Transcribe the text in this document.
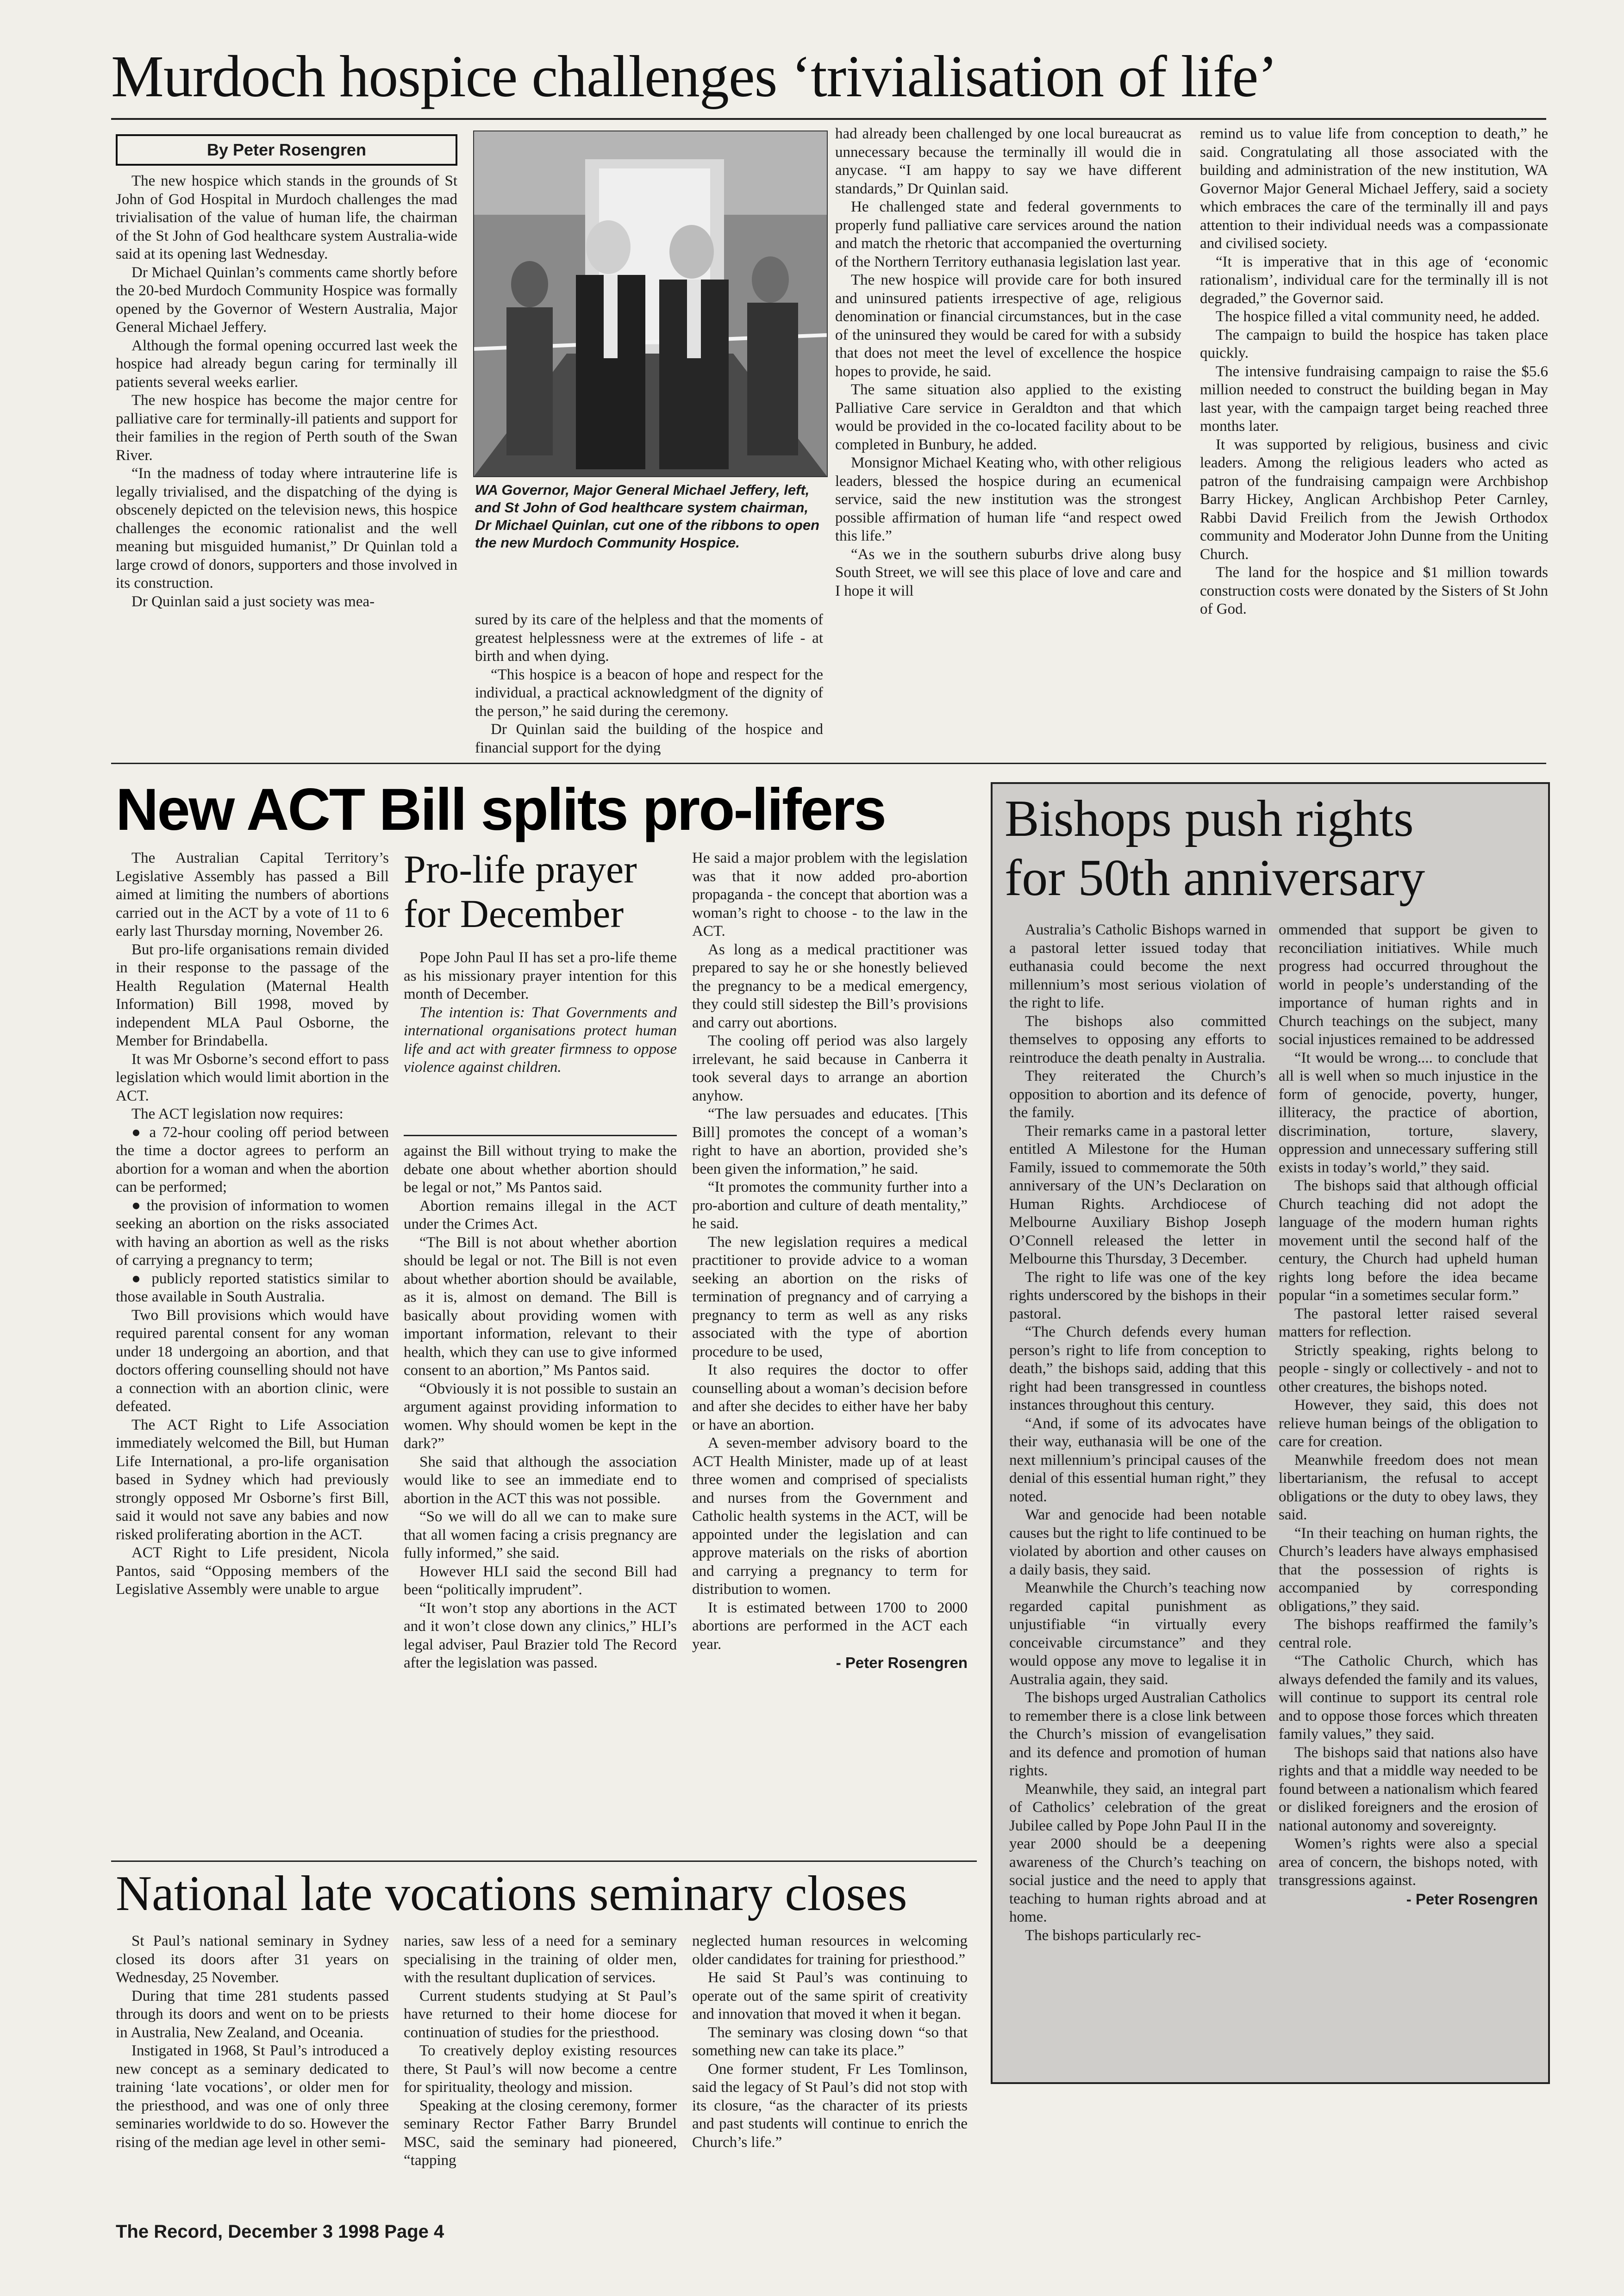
Murdoch hospice challenges ‘trivialisation of life’
By Peter Rosengren

The new hospice which stands in the grounds of St John of God Hospital in Murdoch challenges the mad trivialisation of the value of human life, the chairman of the St John of God healthcare system Australia-wide said at its opening last Wednesday.

Dr Michael Quinlan’s comments came shortly before the 20-bed Murdoch Community Hospice was formally opened by the Governor of Western Australia, Major General Michael Jeffery.

Although the formal opening occurred last week the hospice had already begun caring for terminally ill patients several weeks earlier.

The new hospice has become the major centre for palliative care for terminally-ill patients and support for their families in the region of Perth south of the Swan River.

“In the madness of today where intrauterine life is legally trivialised, and the dispatching of the dying is obscenely depicted on the television news, this hospice challenges the economic rationalist and the well meaning but misguided humanist,” Dr Quinlan told a large crowd of donors, supporters and those involved in its construction.

Dr Quinlan said a just society was mea-

WA Governor, Major General Michael Jeffery, left, and St John of God healthcare system chairman, Dr Michael Quinlan, cut one of the ribbons to open the new Murdoch Community Hospice.

sured by its care of the helpless and that the moments of greatest helplessness were at the extremes of life - at birth and when dying.

“This hospice is a beacon of hope and respect for the individual, a practical acknowledgment of the dignity of the person,” he said during the ceremony.

Dr Quinlan said the building of the hospice and financial support for the dying

had already been challenged by one local bureaucrat as unnecessary because the terminally ill would die in anycase. “I am happy to say we have different standards,” Dr Quinlan said.

He challenged state and federal governments to properly fund palliative care services around the nation and match the rhetoric that accompanied the overturning of the Northern Territory euthanasia legislation last year.

The new hospice will provide care for both insured and uninsured patients irrespective of age, religious denomination or financial circumstances, but in the case of the uninsured they would be cared for with a subsidy that does not meet the level of excellence the hospice hopes to provide, he said.

The same situation also applied to the existing Palliative Care service in Geraldton and that which would be provided in the co-located facility about to be completed in Bunbury, he added.

Monsignor Michael Keating who, with other religious leaders, blessed the hospice during an ecumenical service, said the new institution was the strongest possible affirmation of human life “and respect owed this life.”

“As we in the southern suburbs drive along busy South Street, we will see this place of love and care and I hope it will

remind us to value life from conception to death,” he said. Congratulating all those associated with the building and administration of the new institution, WA Governor Major General Michael Jeffery, said a society which embraces the care of the terminally ill and pays attention to their individual needs was a compassionate and civilised society.

“It is imperative that in this age of ‘economic rationalism’, individual care for the terminally ill is not degraded,” the Governor said.

The hospice filled a vital community need, he added.

The campaign to build the hospice has taken place quickly.

The intensive fundraising campaign to raise the $5.6 million needed to construct the building began in May last year, with the campaign target being reached three months later.

It was supported by religious, business and civic leaders. Among the religious leaders who acted as patron of the fundraising campaign were Archbishop Barry Hickey, Anglican Archbishop Peter Carnley, Rabbi David Freilich from the Jewish Orthodox community and Moderator John Dunne from the Uniting Church.

The land for the hospice and $1 million towards construction costs were donated by the Sisters of St John of God.

New ACT Bill splits pro-lifers

The Australian Capital Territory’s Legislative Assembly has passed a Bill aimed at limiting the numbers of abortions carried out in the ACT by a vote of 11 to 6 early last Thursday morning, November 26.

But pro-life organisations remain divided in their response to the passage of the Health Regulation (Maternal Health Information) Bill 1998, moved by independent MLA Paul Osborne, the Member for Brindabella.

It was Mr Osborne’s second effort to pass legislation which would limit abortion in the ACT.

The ACT legislation now requires:

● a 72-hour cooling off period between the time a doctor agrees to perform an abortion for a woman and when the abortion can be performed;

● the provision of information to women seeking an abortion on the risks associated with having an abortion as well as the risks of carrying a pregnancy to term;

● publicly reported statistics similar to those available in South Australia.

Two Bill provisions which would have required parental consent for any woman under 18 undergoing an abortion, and that doctors offering counselling should not have a connection with an abortion clinic, were defeated.

The ACT Right to Life Association immediately welcomed the Bill, but Human Life International, a pro-life organisation based in Sydney which had previously strongly opposed Mr Osborne’s first Bill, said it would not save any babies and now risked proliferating abortion in the ACT.

ACT Right to Life president, Nicola Pantos, said “Opposing members of the Legislative Assembly were unable to argue

Pro-life prayer for December

Pope John Paul II has set a pro-life theme as his missionary prayer intention for this month of December.

The intention is: That Governments and international organisations protect human life and act with greater firmness to oppose violence against children.

against the Bill without trying to make the debate one about whether abortion should be legal or not,” Ms Pantos said.

Abortion remains illegal in the ACT under the Crimes Act.

“The Bill is not about whether abortion should be legal or not. The Bill is not even about whether abortion should be available, as it is, almost on demand. The Bill is basically about providing women with important information, relevant to their health, which they can use to give informed consent to an abortion,” Ms Pantos said.

“Obviously it is not possible to sustain an argument against providing information to women. Why should women be kept in the dark?”

She said that although the association would like to see an immediate end to abortion in the ACT this was not possible.

“So we will do all we can to make sure that all women facing a crisis pregnancy are fully informed,” she said.

However HLI said the second Bill had been “politically imprudent”.

“It won’t stop any abortions in the ACT and it won’t close down any clinics,” HLI’s legal adviser, Paul Brazier told The Record after the legislation was passed.

He said a major problem with the legislation was that it now added pro-abortion propaganda - the concept that abortion was a woman’s right to choose - to the law in the ACT.

As long as a medical practitioner was prepared to say he or she honestly believed the pregnancy to be a medical emergency, they could still sidestep the Bill’s provisions and carry out abortions.

The cooling off period was also largely irrelevant, he said because in Canberra it took several days to arrange an abortion anyhow.

“The law persuades and educates. [This Bill] promotes the concept of a woman’s right to have an abortion, provided she’s been given the information,” he said.

“It promotes the community further into a pro-abortion and culture of death mentality,” he said.

The new legislation requires a medical practitioner to provide advice to a woman seeking an abortion on the risks of termination of pregnancy and of carrying a pregnancy to term as well as any risks associated with the type of abortion procedure to be used,

It also requires the doctor to offer counselling about a woman’s decision before and after she decides to either have her baby or have an abortion.

A seven-member advisory board to the ACT Health Minister, made up of at least three women and comprised of specialists and nurses from the Government and Catholic health systems in the ACT, will be appointed under the legislation and can approve materials on the risks of abortion and carrying a pregnancy to term for distribution to women.

It is estimated between 1700 to 2000 abortions are performed in the ACT each year.

- Peter Rosengren

National late vocations seminary closes

St Paul’s national seminary in Sydney closed its doors after 31 years on Wednesday, 25 November.

During that time 281 students passed through its doors and went on to be priests in Australia, New Zealand, and Oceania.

Instigated in 1968, St Paul’s introduced a new concept as a seminary dedicated to training ‘late vocations’, or older men for the priesthood, and was one of only three seminaries worldwide to do so. However the rising of the median age level in other semi-

naries, saw less of a need for a seminary specialising in the training of older men, with the resultant duplication of services.

Current students studying at St Paul’s have returned to their home diocese for continuation of studies for the priesthood.

To creatively deploy existing resources there, St Paul’s will now become a centre for spirituality, theology and mission.

Speaking at the closing ceremony, former seminary Rector Father Barry Brundel MSC, said the seminary had pioneered, “tapping

neglected human resources in welcoming older candidates for training for priesthood.”

He said St Paul’s was continuing to operate out of the same spirit of creativity and innovation that moved it when it began.

The seminary was closing down “so that something new can take its place.”

One former student, Fr Les Tomlinson, said the legacy of St Paul’s did not stop with its closure, “as the character of its priests and past students will continue to enrich the Church’s life.”

Bishops push rights for 50th anniversary

Australia’s Catholic Bishops warned in a pastoral letter issued today that euthanasia could become the next millennium’s most serious violation of the right to life.

The bishops also committed themselves to opposing any efforts to reintroduce the death penalty in Australia.

They reiterated the Church’s opposition to abortion and its defence of the family.

Their remarks came in a pastoral letter entitled A Milestone for the Human Family, issued to commemorate the 50th anniversary of the UN’s Declaration on Human Rights. Archdiocese of Melbourne Auxiliary Bishop Joseph O’Connell released the letter in Melbourne this Thursday, 3 December.

The right to life was one of the key rights underscored by the bishops in their pastoral.

“The Church defends every human person’s right to life from conception to death,” the bishops said, adding that this right had been transgressed in countless instances throughout this century.

“And, if some of its advocates have their way, euthanasia will be one of the next millennium’s principal causes of the denial of this essential human right,” they noted.

War and genocide had been notable causes but the right to life continued to be violated by abortion and other causes on a daily basis, they said.

Meanwhile the Church’s teaching now regarded capital punishment as unjustifiable “in virtually every conceivable circumstance” and they would oppose any move to legalise it in Australia again, they said.

The bishops urged Australian Catholics to remember there is a close link between the Church’s mission of evangelisation and its defence and promotion of human rights.

Meanwhile, they said, an integral part of Catholics’ celebration of the great Jubilee called by Pope John Paul II in the year 2000 should be a deepening awareness of the Church’s teaching on social justice and the need to apply that teaching to human rights abroad and at home.

The bishops particularly rec-

ommended that support be given to reconciliation initiatives. While much progress had occurred throughout the world in people’s understanding of the importance of human rights and in Church teachings on the subject, many social injustices remained to be addressed

“It would be wrong.... to conclude that all is well when so much injustice in the form of genocide, poverty, hunger, illiteracy, the practice of abortion, discrimination, torture, slavery, oppression and unnecessary suffering still exists in today’s world,” they said.

The bishops said that although official Church teaching did not adopt the language of the modern human rights movement until the second half of the century, the Church had upheld human rights long before the idea became popular “in a sometimes secular form.”

The pastoral letter raised several matters for reflection.

Strictly speaking, rights belong to people - singly or collectively - and not to other creatures, the bishops noted.

However, they said, this does not relieve human beings of the obligation to care for creation.

Meanwhile freedom does not mean libertarianism, the refusal to accept obligations or the duty to obey laws, they said.

“In their teaching on human rights, the Church’s leaders have always emphasised that the possession of rights is accompanied by corresponding obligations,” they said.

The bishops reaffirmed the family’s central role.

“The Catholic Church, which has always defended the family and its values, will continue to support its central role and to oppose those forces which threaten family values,” they said.

The bishops said that nations also have rights and that a middle way needed to be found between a nationalism which feared or disliked foreigners and the erosion of national autonomy and sovereignty.

Women’s rights were also a special area of concern, the bishops noted, with transgressions against.

- Peter Rosengren

The Record, December 3 1998 Page 4
